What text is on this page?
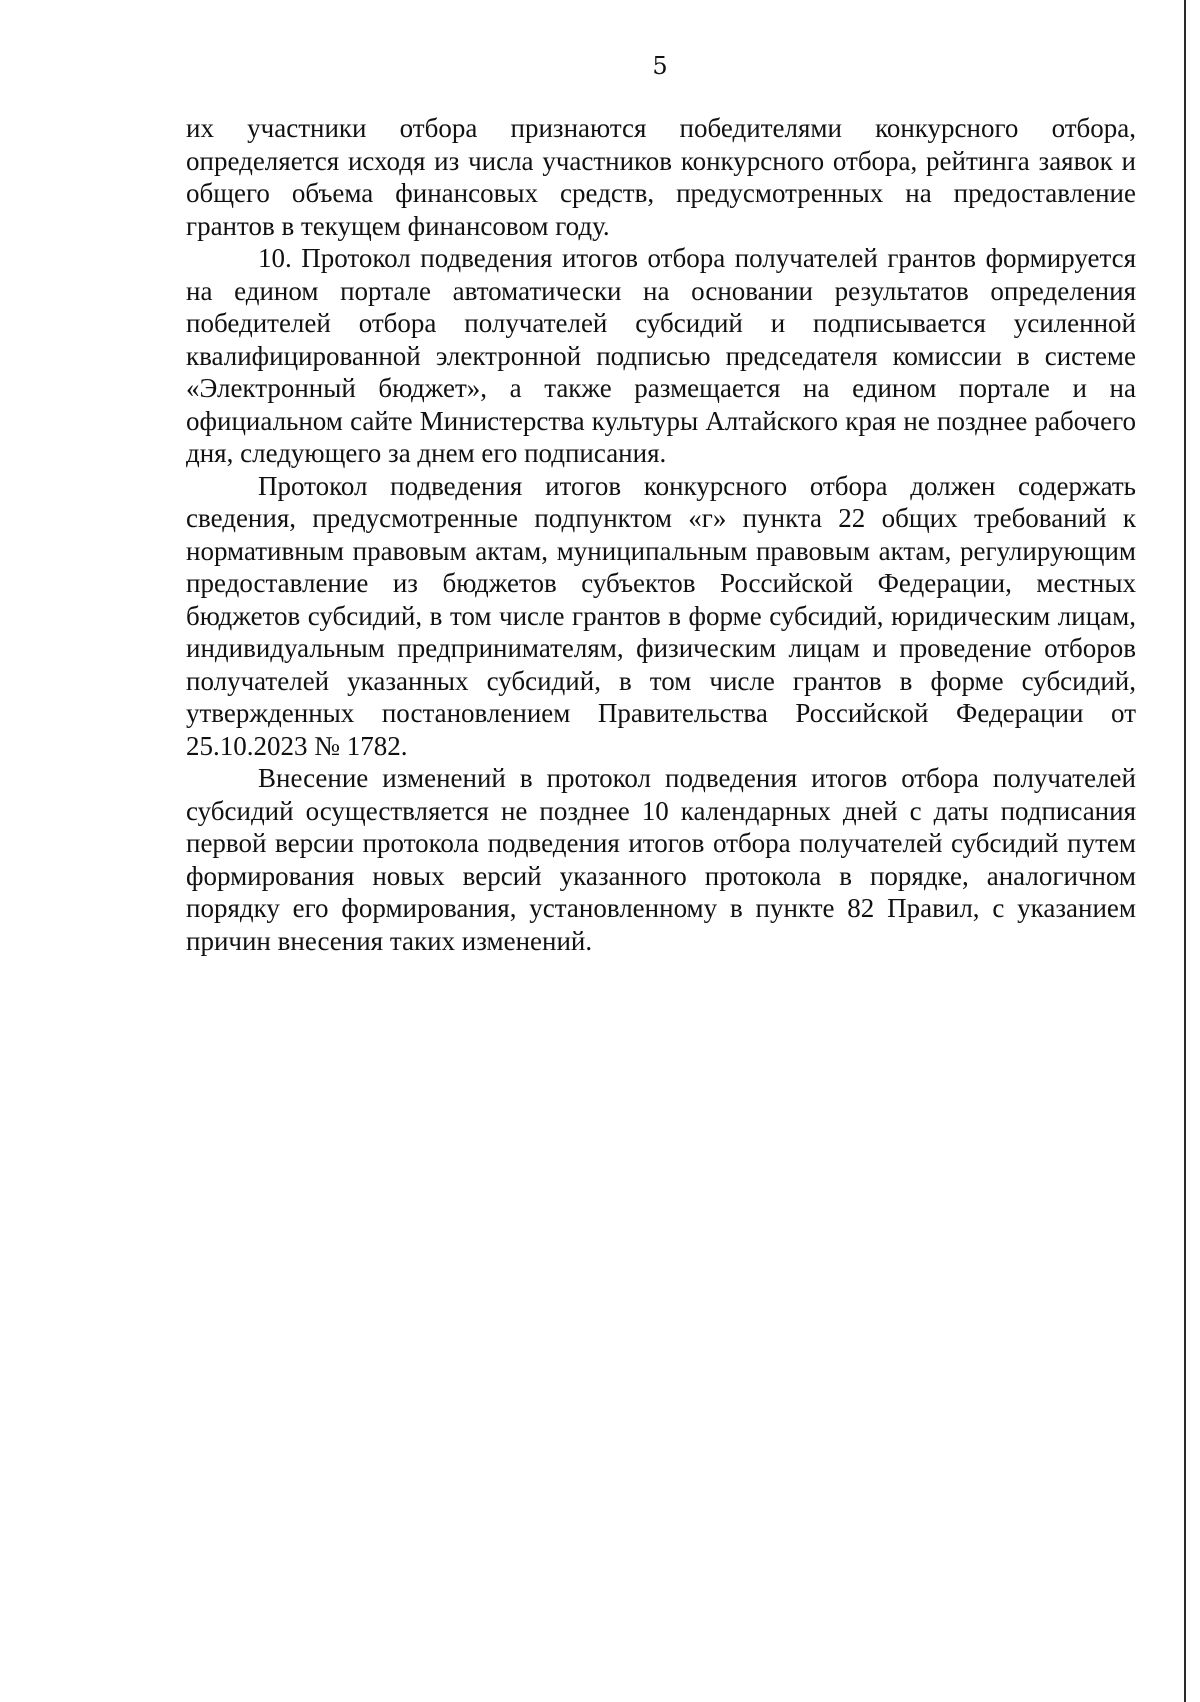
5

их участники отбора признаются победителями конкурсного отбора, определяется исходя из числа участников конкурсного отбора, рейтинга заявок и общего объема финансовых средств, предусмотренных на предоставление грантов в текущем финансовом году.

10. Протокол подведения итогов отбора получателей грантов формируется на едином портале автоматически на основании результатов определения победителей отбора получателей субсидий и подписывается усиленной квалифицированной электронной подписью председателя комиссии в системе «Электронный бюджет», а также размещается на едином портале и на официальном сайте Министерства культуры Алтайского края не позднее рабочего дня, следующего за днем его подписания.

Протокол подведения итогов конкурсного отбора должен содержать сведения, предусмотренные подпунктом «г» пункта 22 общих требований к нормативным правовым актам, муниципальным правовым актам, регулирующим предоставление из бюджетов субъектов Российской Федерации, местных бюджетов субсидий, в том числе грантов в форме субсидий, юридическим лицам, индивидуальным предпринимателям, физическим лицам и проведение отборов получателей указанных субсидий, в том числе грантов в форме субсидий, утвержденных постановлением Правительства Российской Федерации от 25.10.2023 № 1782.

Внесение изменений в протокол подведения итогов отбора получателей субсидий осуществляется не позднее 10 календарных дней с даты подписания первой версии протокола подведения итогов отбора получателей субсидий путем формирования новых версий указанного протокола в порядке, аналогичном порядку его формирования, установленному в пункте 82 Правил, с указанием причин внесения таких изменений.
